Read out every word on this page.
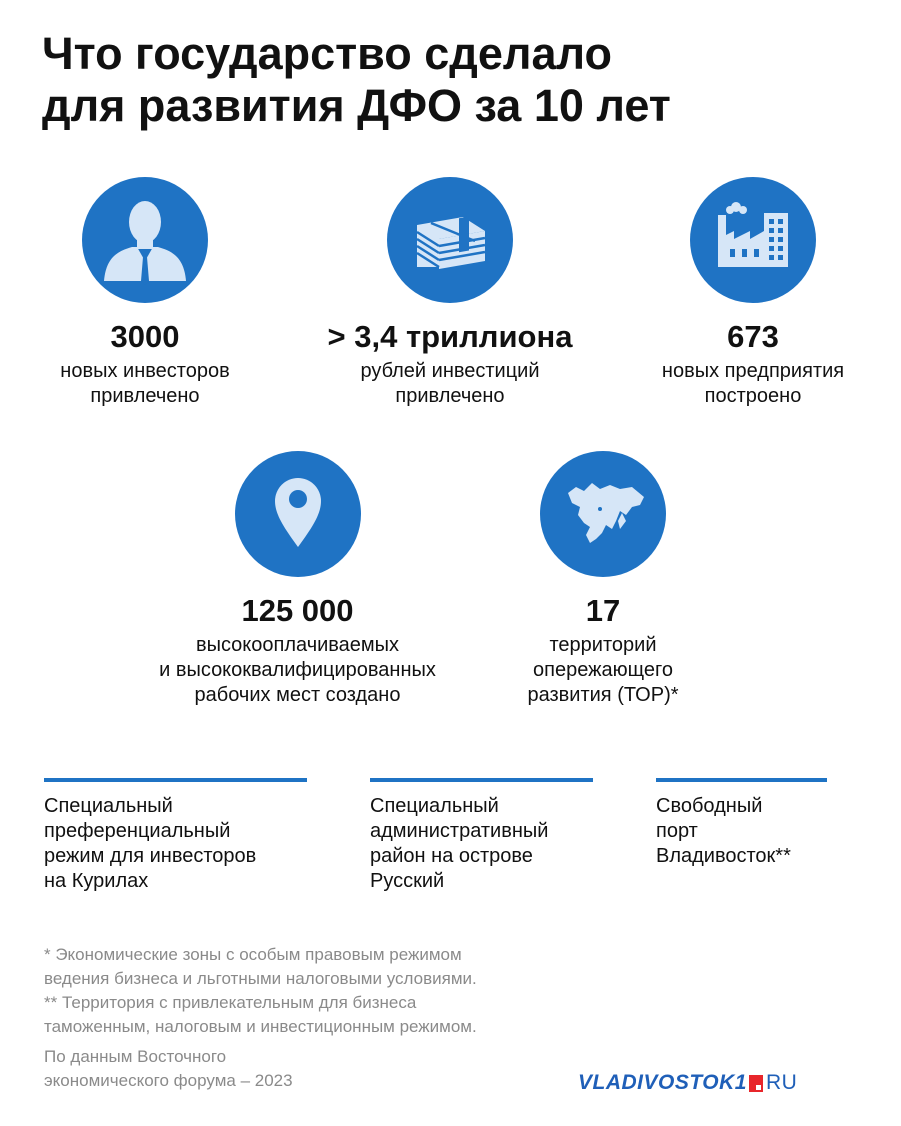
Что государство сделало
для развития ДФО за 10 лет
3000
новых инвесторов
привлечено
> 3,4 триллиона
рублей инвестиций
привлечено
673
новых предприятия
построено
125 000
высокооплачиваемых
и высококвалифицированных
рабочих мест создано
17
территорий
опережающего
развития (ТОР)*
Специальный
преференциальный
режим для инвесторов
на Курилах
Специальный
административный
район на острове
Русский
Свободный
порт
Владивосток**
* Экономические зоны с особым правовым режимом
ведения бизнеса и льготными налоговыми условиями.
** Территория с привлекательным для бизнеса
таможенным, налоговым и инвестиционным режимом.
По данным Восточного
экономического форума – 2023	VLADIVOSTOK1 RU
